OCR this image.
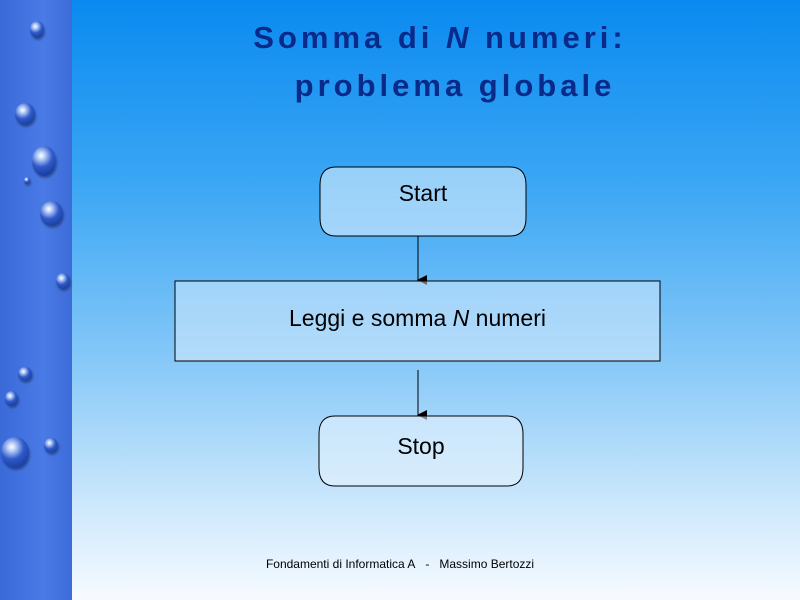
Somma di N numeri:
problema globale
Start
Leggi e somma N numeri
Stop
Fondamenti di Informatica A - Massimo Bertozzi
